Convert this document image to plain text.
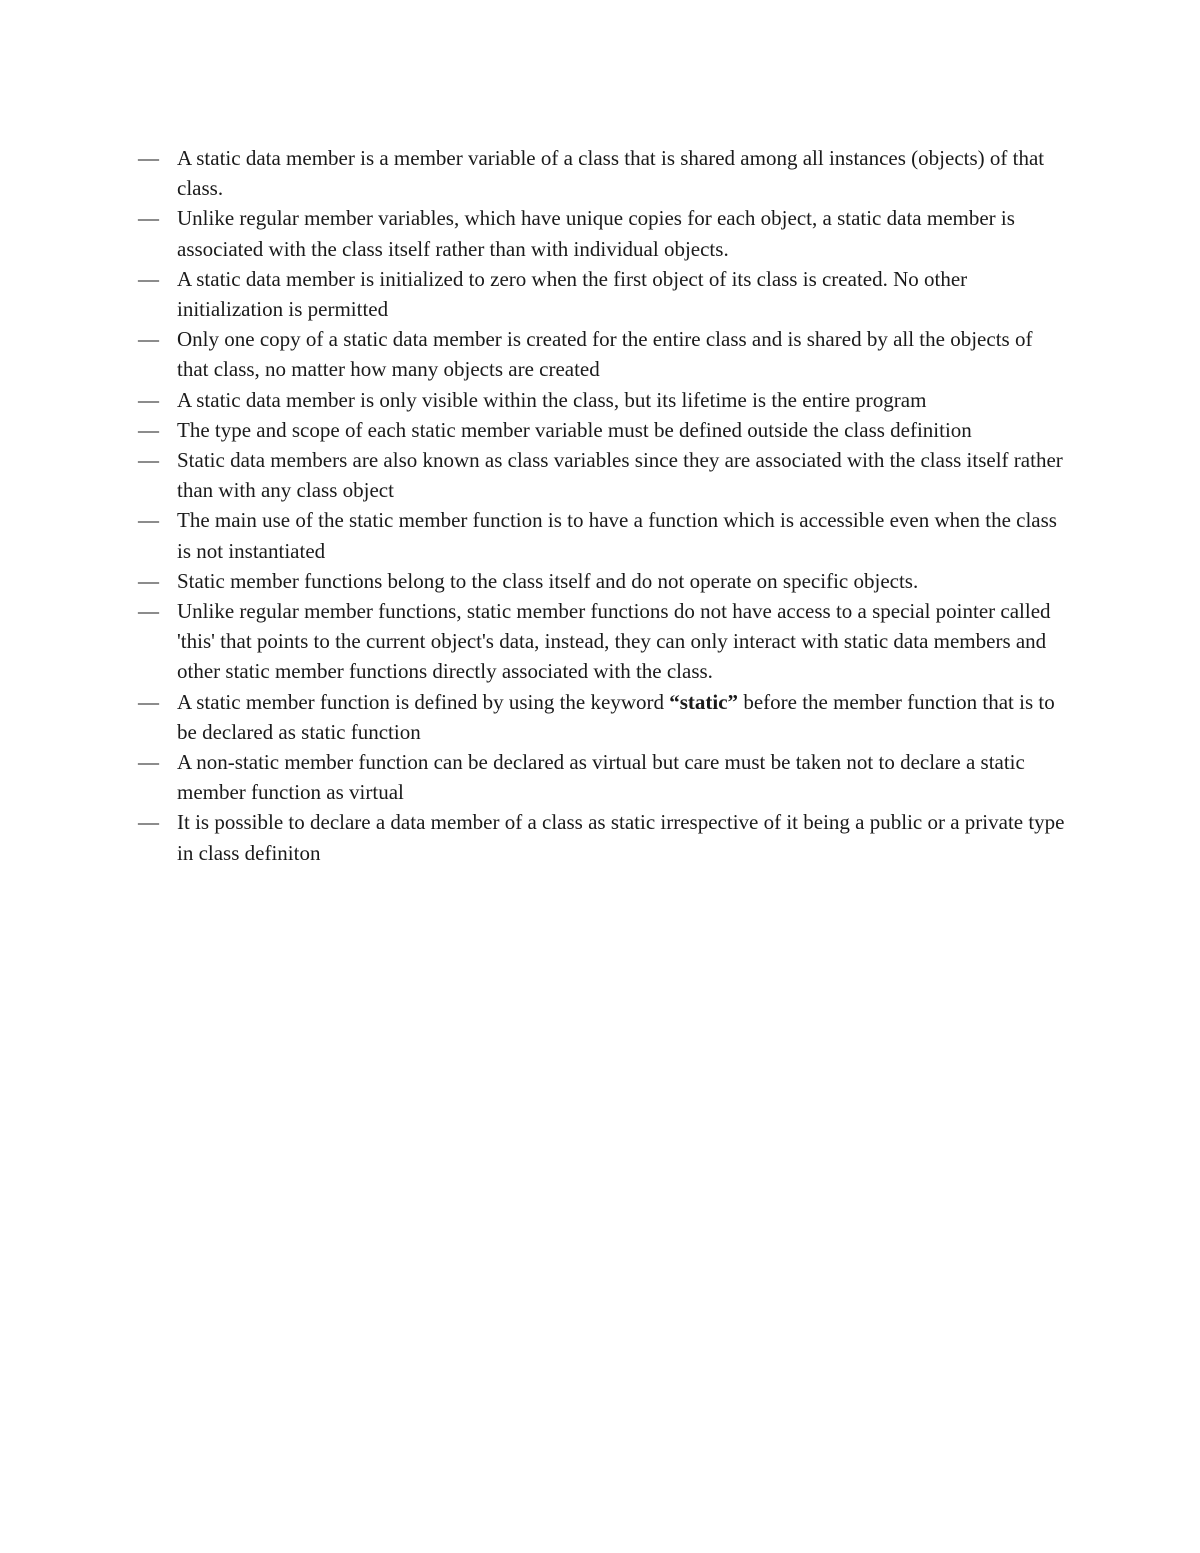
— A static data member is a member variable of a class that is shared among all instances (objects) of that class.
— Unlike regular member variables, which have unique copies for each object, a static data member is associated with the class itself rather than with individual objects.
— A static data member is initialized to zero when the first object of its class is created. No other initialization is permitted
— Only one copy of a static data member is created for the entire class and is shared by all the objects of that class, no matter how many objects are created
— A static data member is only visible within the class, but its lifetime is the entire program
— The type and scope of each static member variable must be defined outside the class definition
— Static data members are also known as class variables since they are associated with the class itself rather than with any class object
— The main use of the static member function is to have a function which is accessible even when the class is not instantiated
— Static member functions belong to the class itself and do not operate on specific objects.
— Unlike regular member functions, static member functions do not have access to a special pointer called 'this' that points to the current object's data, instead, they can only interact with static data members and other static member functions directly associated with the class.
— A static member function is defined by using the keyword “static” before the member function that is to be declared as static function
— A non-static member function can be declared as virtual but care must be taken not to declare a static member function as virtual
— It is possible to declare a data member of a class as static irrespective of it being a public or a private type in class definiton
